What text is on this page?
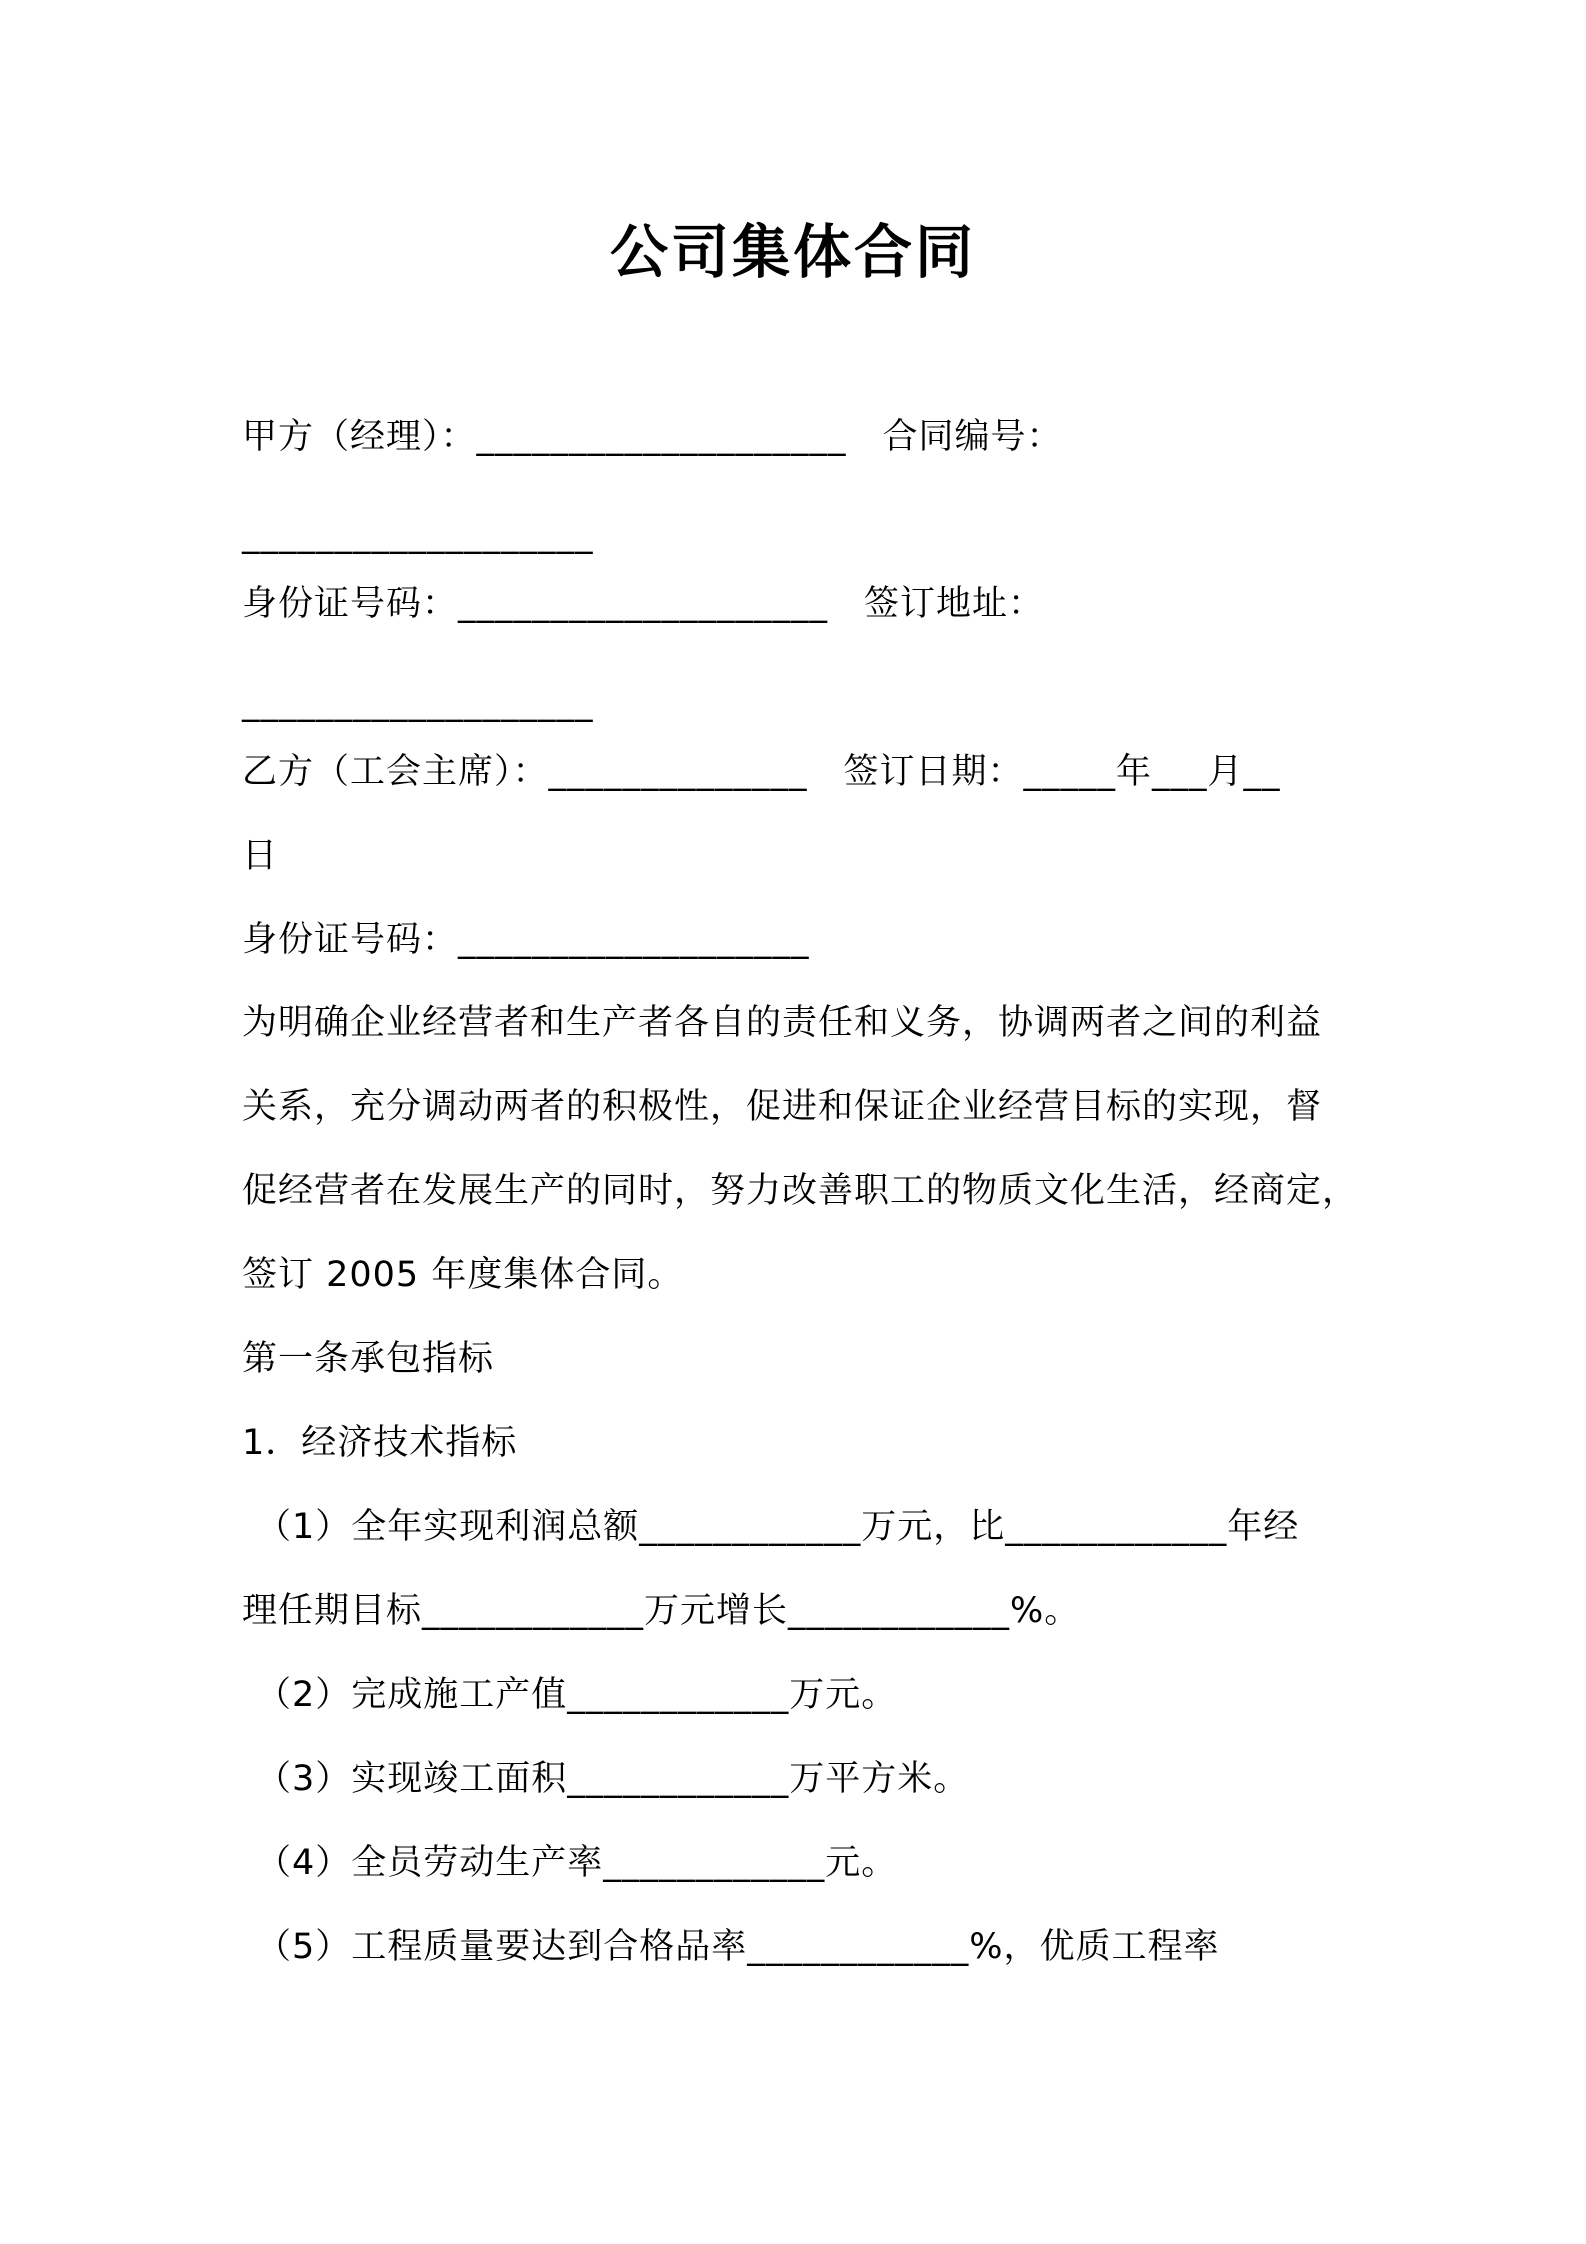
公司集体合同
甲方（经理）：____________________　合同编号：
___________________
身份证号码：____________________　签订地址：
___________________
乙方（工会主席）：______________　签订日期：_____年___月__
日
身份证号码：___________________
为明确企业经营者和生产者各自的责任和义务，协调两者之间的利益
关系，充分调动两者的积极性，促进和保证企业经营目标的实现，督
促经营者在发展生产的同时，努力改善职工的物质文化生活，经商定，
签订 2005 年度集体合同。
第一条承包指标
1．经济技术指标
（1）全年实现利润总额____________万元，比____________年经
理任期目标____________万元增长____________%。
（2）完成施工产值____________万元。
（3）实现竣工面积____________万平方米。
（4）全员劳动生产率____________元。
（5）工程质量要达到合格品率____________%，优质工程率
